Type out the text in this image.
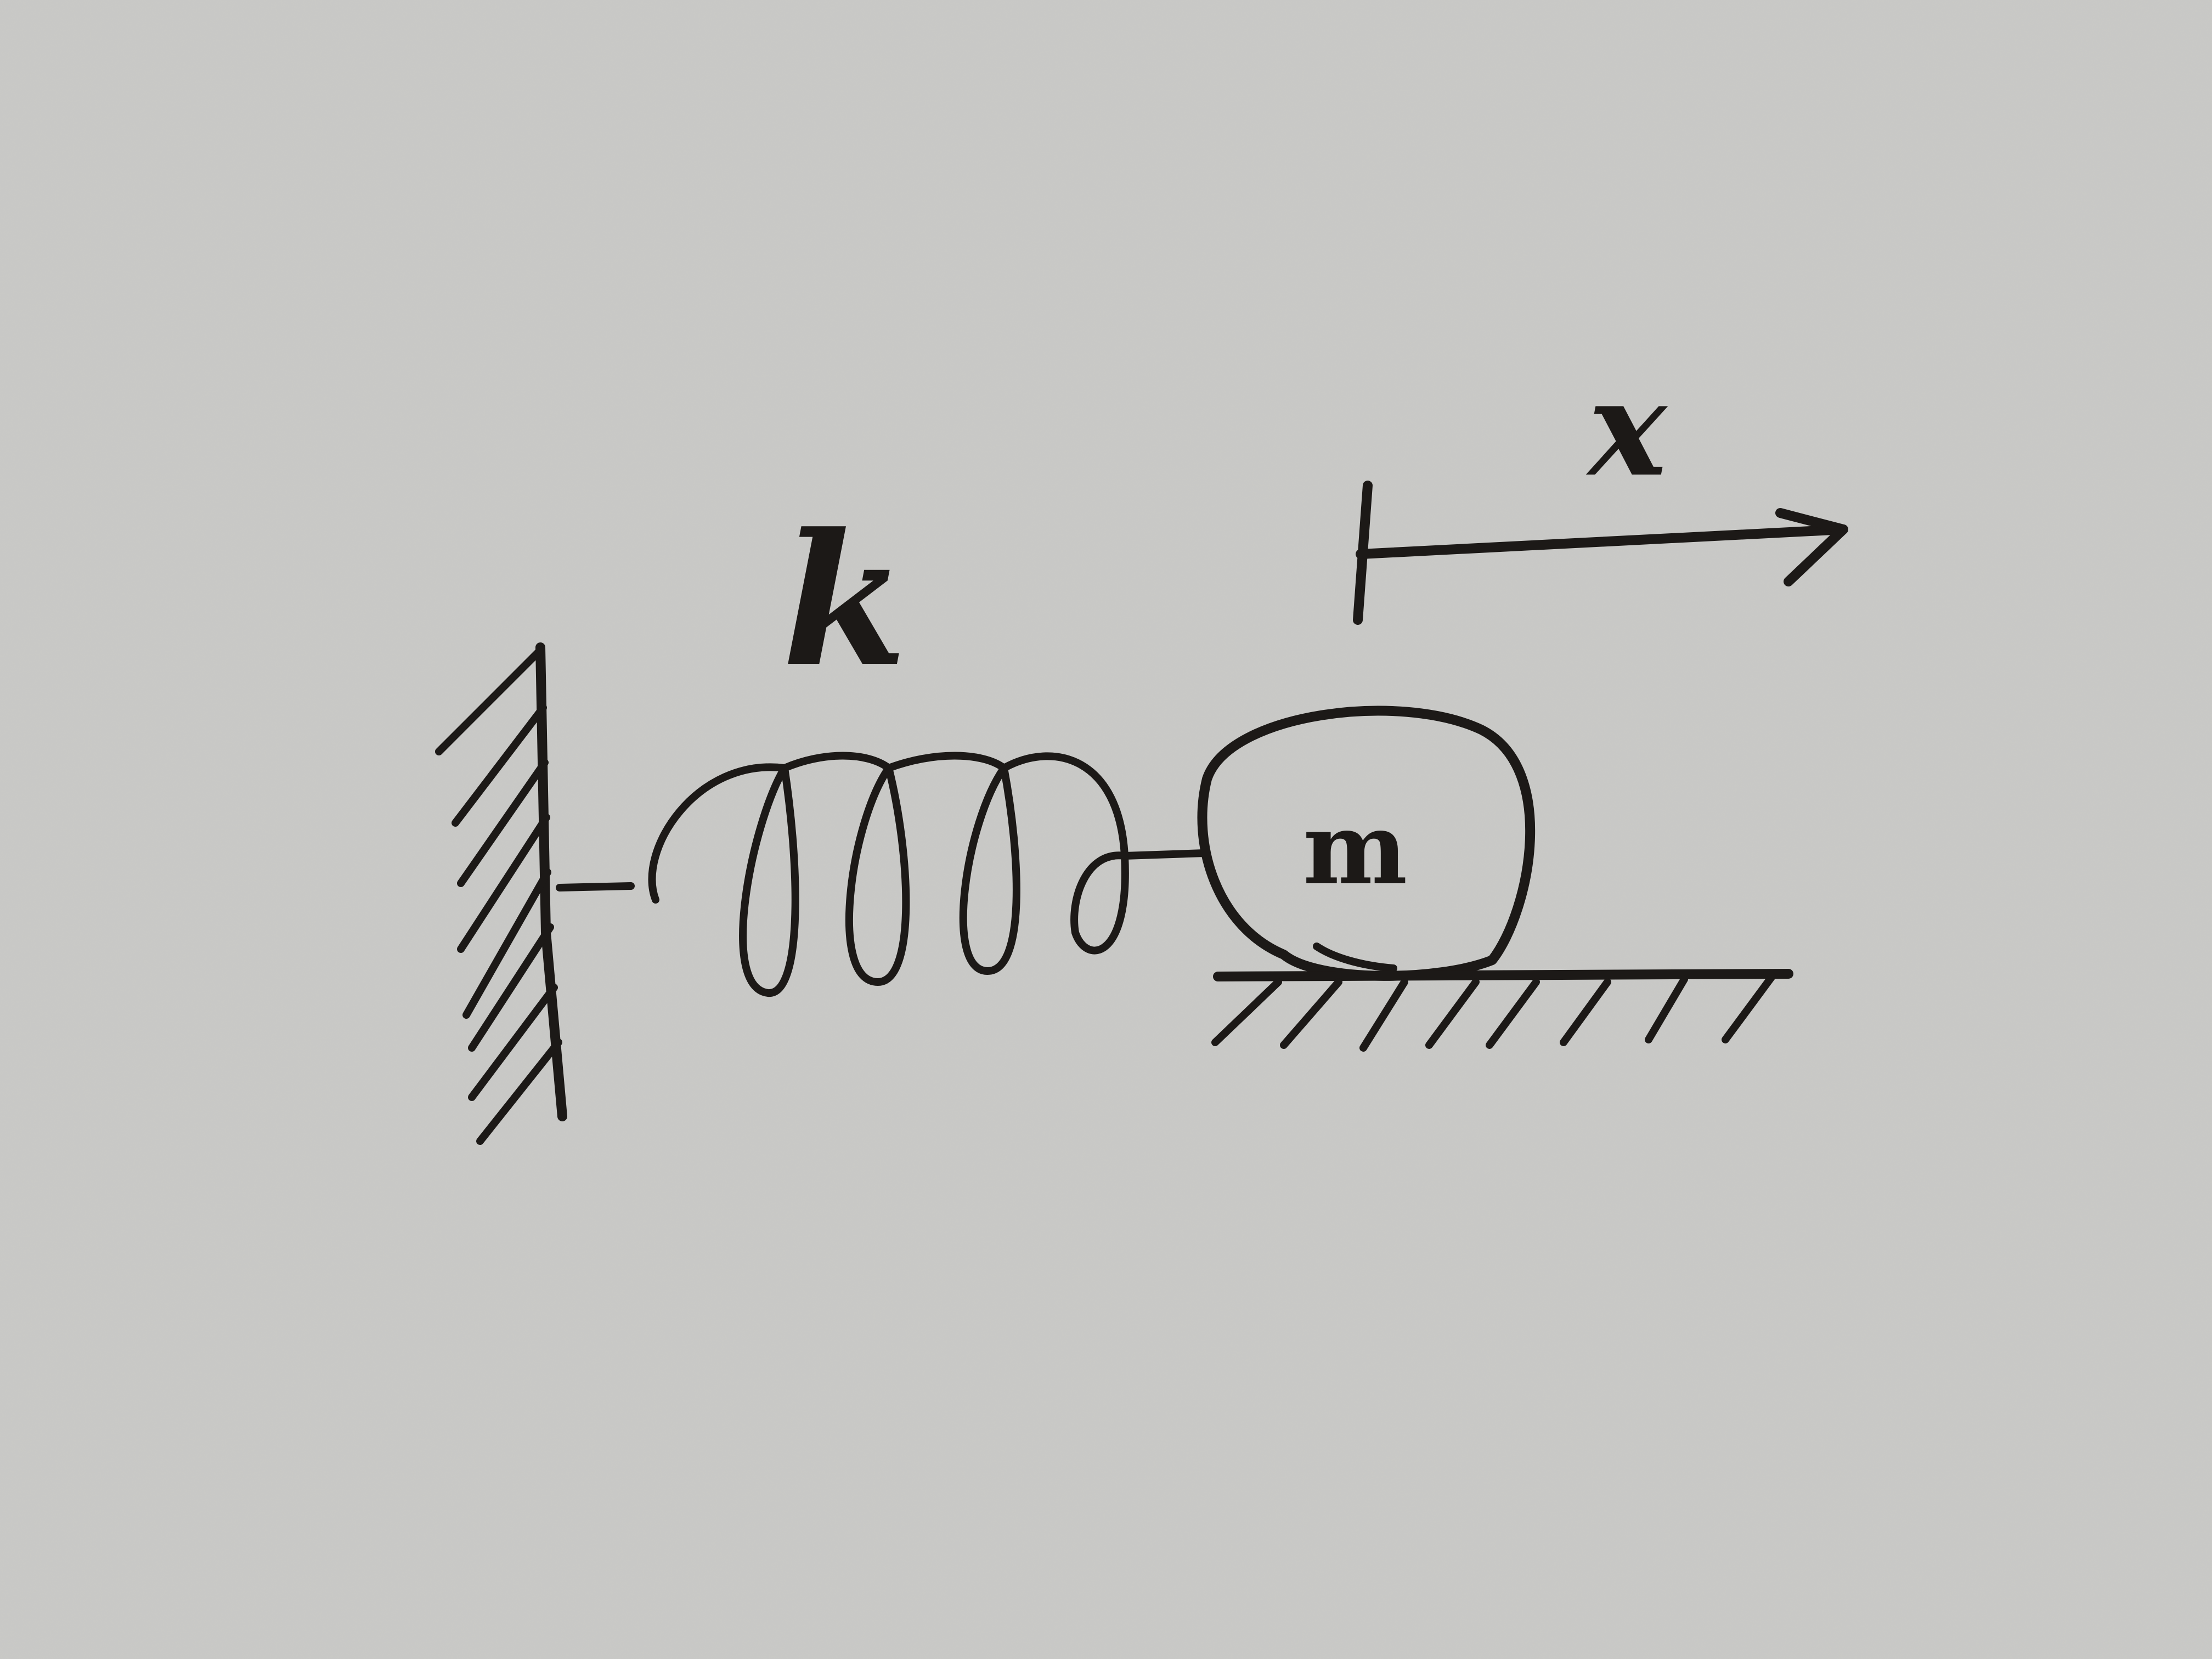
k
m
x
